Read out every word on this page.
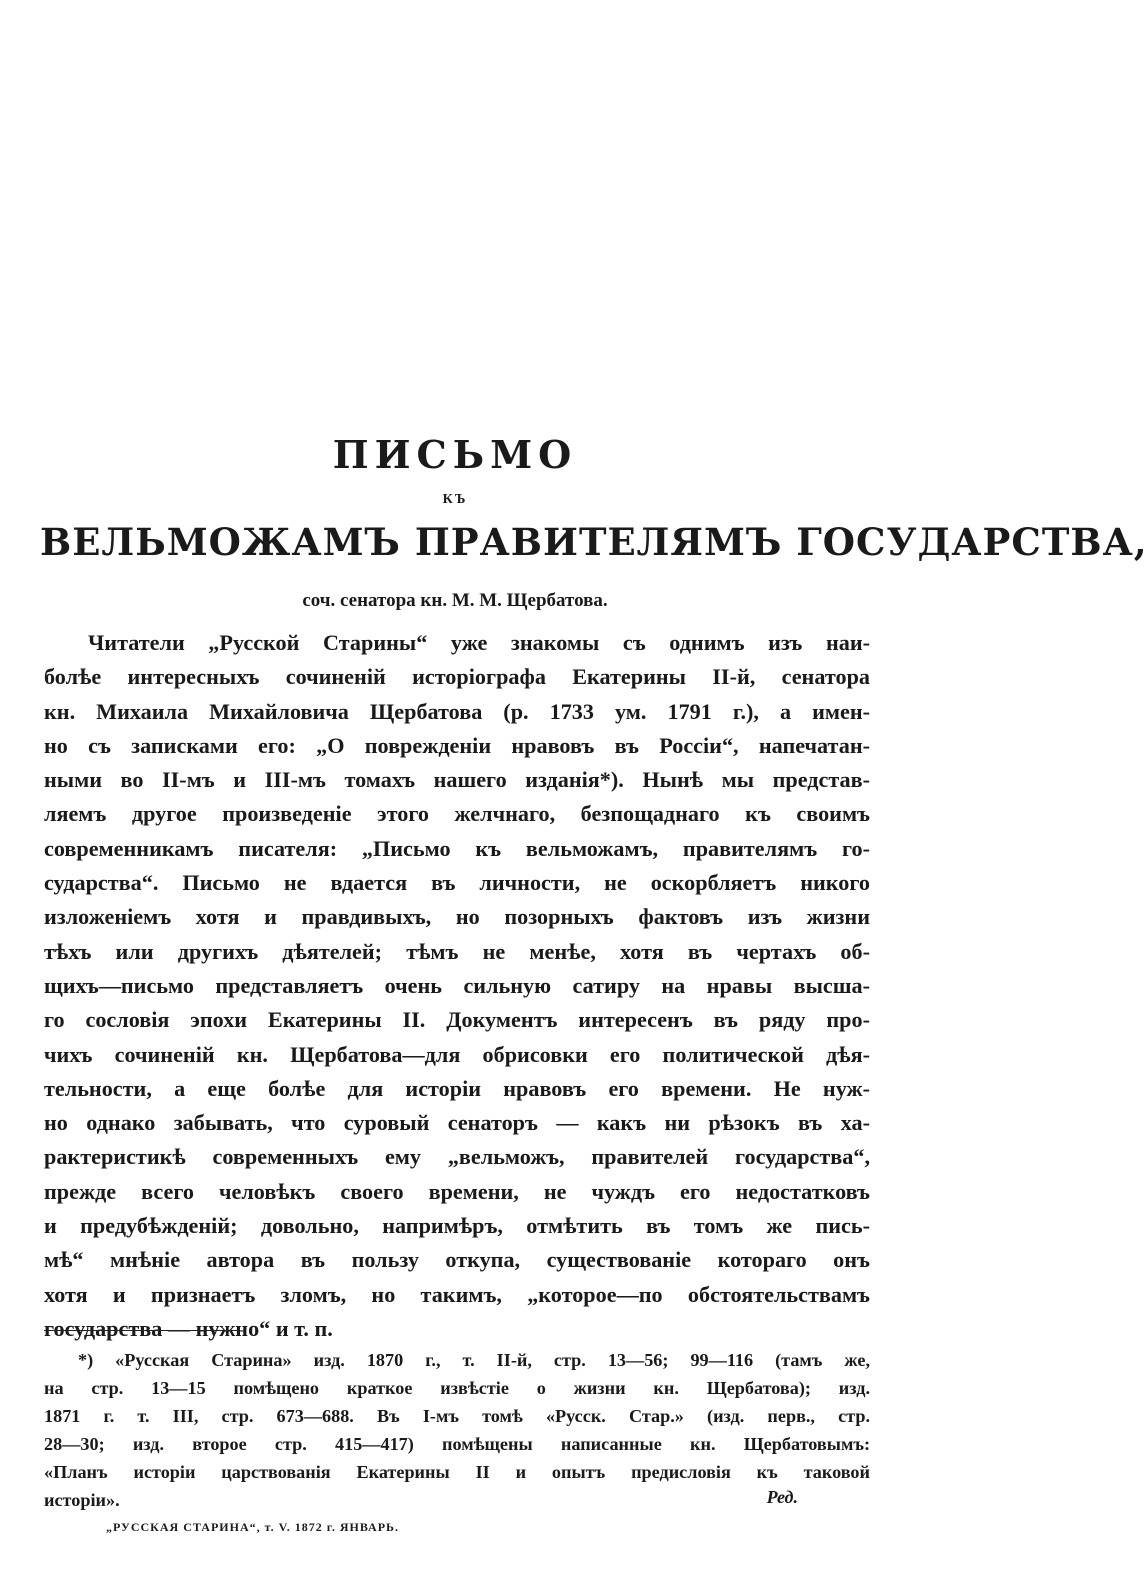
ПИСЬМО
КЪ
ВЕЛЬМОЖАМЪ ПРАВИТЕЛЯМЪ ГОСУДАРСТВА,
соч. сенатора кн. М. М. Щербатова.
Читатели „Русской Старины“ уже знакомы съ однимъ изъ наи-
болѣе интересныхъ сочиненій исторіографа Екатерины II-й, сенатора
кн. Михаила Михайловича Щербатова (р. 1733 ум. 1791 г.), а имен-
но съ записками его: „О поврежденіи нравовъ въ Россіи“, напечатан-
ными во II-мъ и III-мъ томахъ нашего изданія*). Нынѣ мы представ-
ляемъ другое произведеніе этого желчнаго, безпощаднаго къ своимъ
современникамъ писателя: „Письмо къ вельможамъ, правителямъ го-
сударства“. Письмо не вдается въ личности, не оскорбляетъ никого
изложеніемъ хотя и правдивыхъ, но позорныхъ фактовъ изъ жизни
тѣхъ или другихъ дѣятелей; тѣмъ не менѣе, хотя въ чертахъ об-
щихъ—письмо представляетъ очень сильную сатиру на нравы высша-
го сословія эпохи Екатерины II. Документъ интересенъ въ ряду про-
чихъ сочиненій кн. Щербатова—для обрисовки его политической дѣя-
тельности, а еще болѣе для исторіи нравовъ его времени. Не нуж-
но однако забывать, что суровый сенаторъ — какъ ни рѣзокъ въ ха-
рактеристикѣ современныхъ ему „вельможъ, правителей государства“,
прежде всего человѣкъ своего времени, не чуждъ его недостатковъ
и предубѣжденій; довольно, напримѣръ, отмѣтить въ томъ же пись-
мѣ“ мнѣніе автора въ пользу откупа, существованіе котораго онъ
хотя и признаетъ зломъ, но такимъ, „которое—по обстоятельствамъ
государства — нужно“ и т. п.
*) «Русская Старина» изд. 1870 г., т. II-й, стр. 13—56; 99—116 (тамъ же,
на стр. 13—15 помѣщено краткое извѣстіе о жизни кн. Щербатова); изд.
1871 г. т. III, стр. 673—688. Въ I-мъ томѣ «Русск. Стар.» (изд. перв., стр.
28—30; изд. второе стр. 415—417) помѣщены написанные кн. Щербатовымъ:
«Планъ исторіи царствованія Екатерины II и опытъ предисловія къ таковой
исторіи».	Ред.
„РУССКАЯ СТАРИНА“, т. V. 1872 г. ЯНВАРЬ.
